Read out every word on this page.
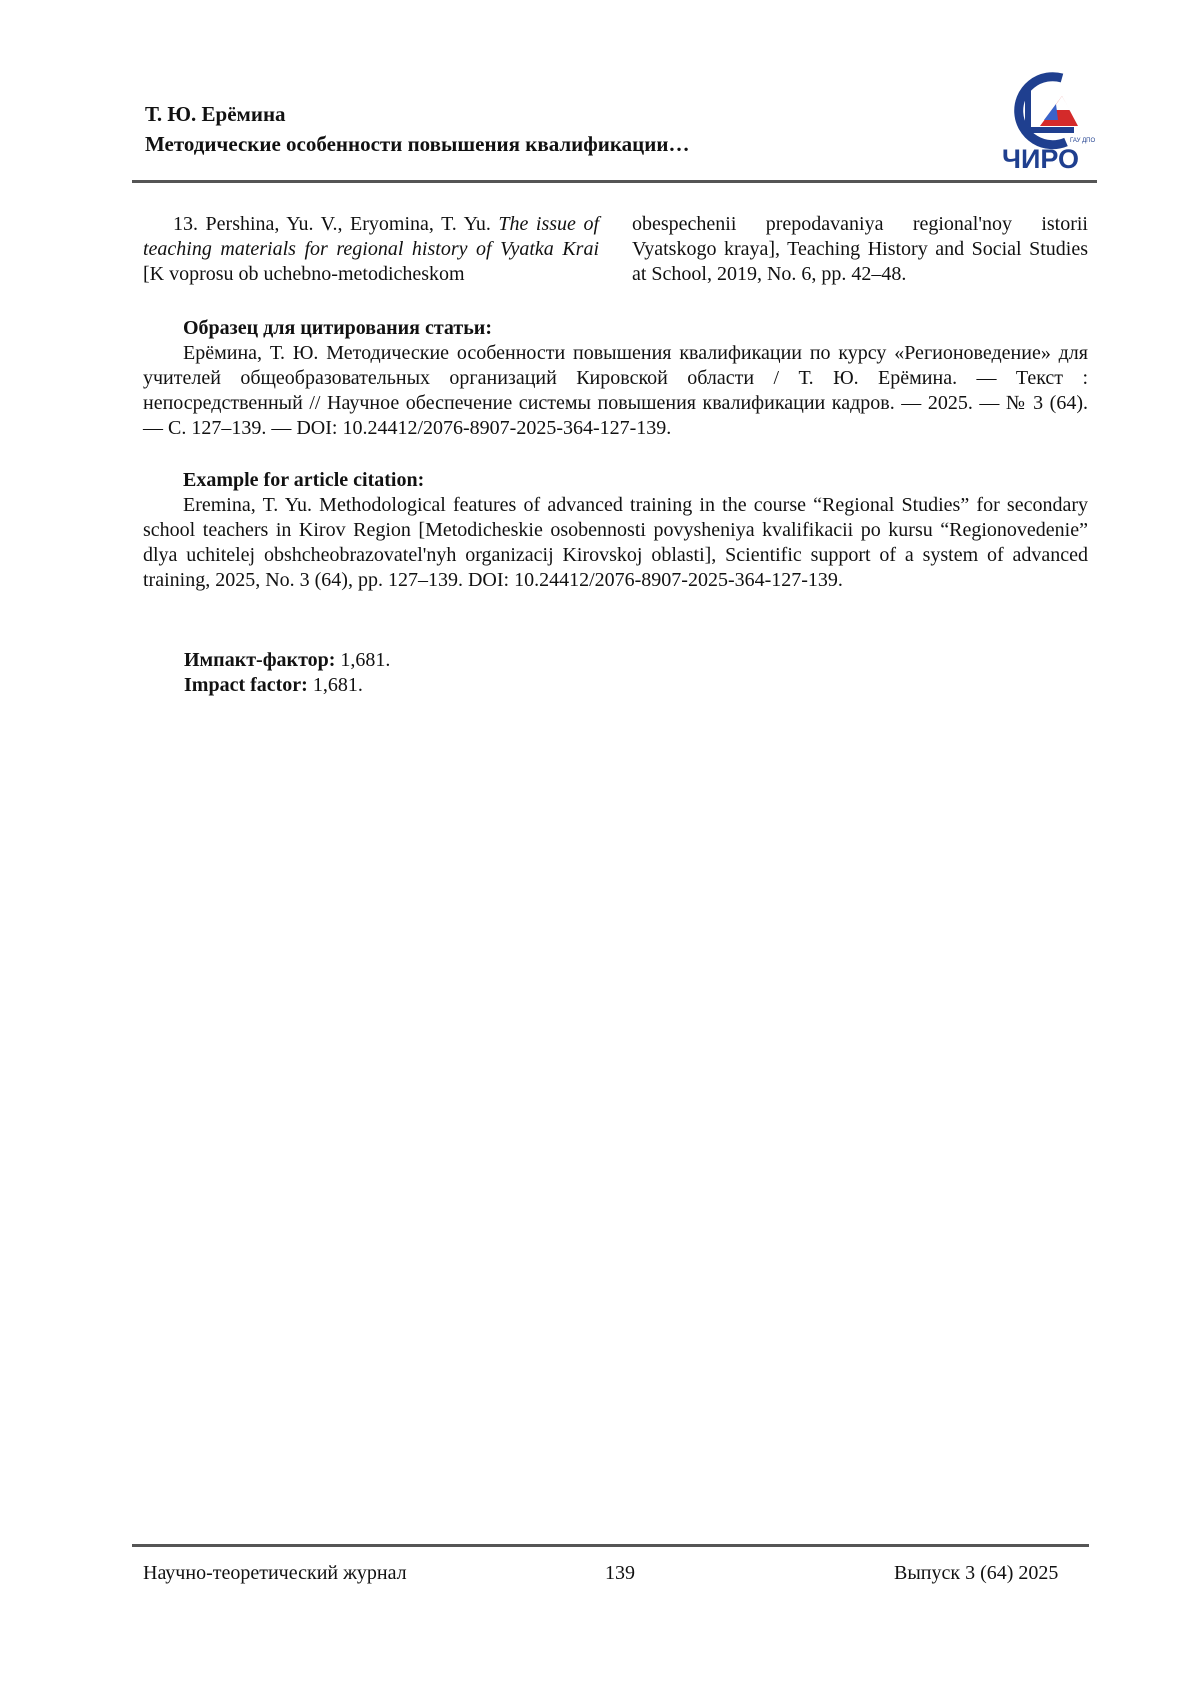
Т. Ю. Ерёмина
Методические особенности повышения квалификации…	ГАУ ДПО
ЧИРО
13. Pershina, Yu. V., Eryomina, T. Yu. The issue of teaching materials for regional history of Vyatka Krai [K voprosu ob uchebno-metodicheskom
obespechenii prepodavaniya regional'noy istorii Vyatskogo kraya], Teaching History and Social Studies at School, 2019, No. 6, pp. 42–48.
Образец для цитирования статьи:
Ерёмина, Т. Ю. Методические особенности повышения квалификации по курсу «Регионоведение» для учителей общеобразовательных организаций Кировской области / Т. Ю. Ерёмина. — Текст : непосредственный // Научное обеспечение системы повышения квалификации кадров. — 2025. — № 3 (64). — С. 127–139. — DOI: 10.24412/2076-8907-2025-364-127-139.
Example for article citation:
Eremina, T. Yu. Methodological features of advanced training in the course “Regional Studies” for secondary school teachers in Kirov Region [Metodicheskie osobennosti povysheniya kvalifikacii po kursu “Regionovedenie” dlya uchitelej obshcheobrazovatel'nyh organizacij Kirovskoj oblasti], Scientific support of a system of advanced training, 2025, No. 3 (64), pp. 127–139. DOI: 10.24412/2076-8907-2025-364-127-139.
Импакт-фактор: 1,681.
Impact factor: 1,681.
Научно-теоретический журнал	139	Выпуск 3 (64) 2025
